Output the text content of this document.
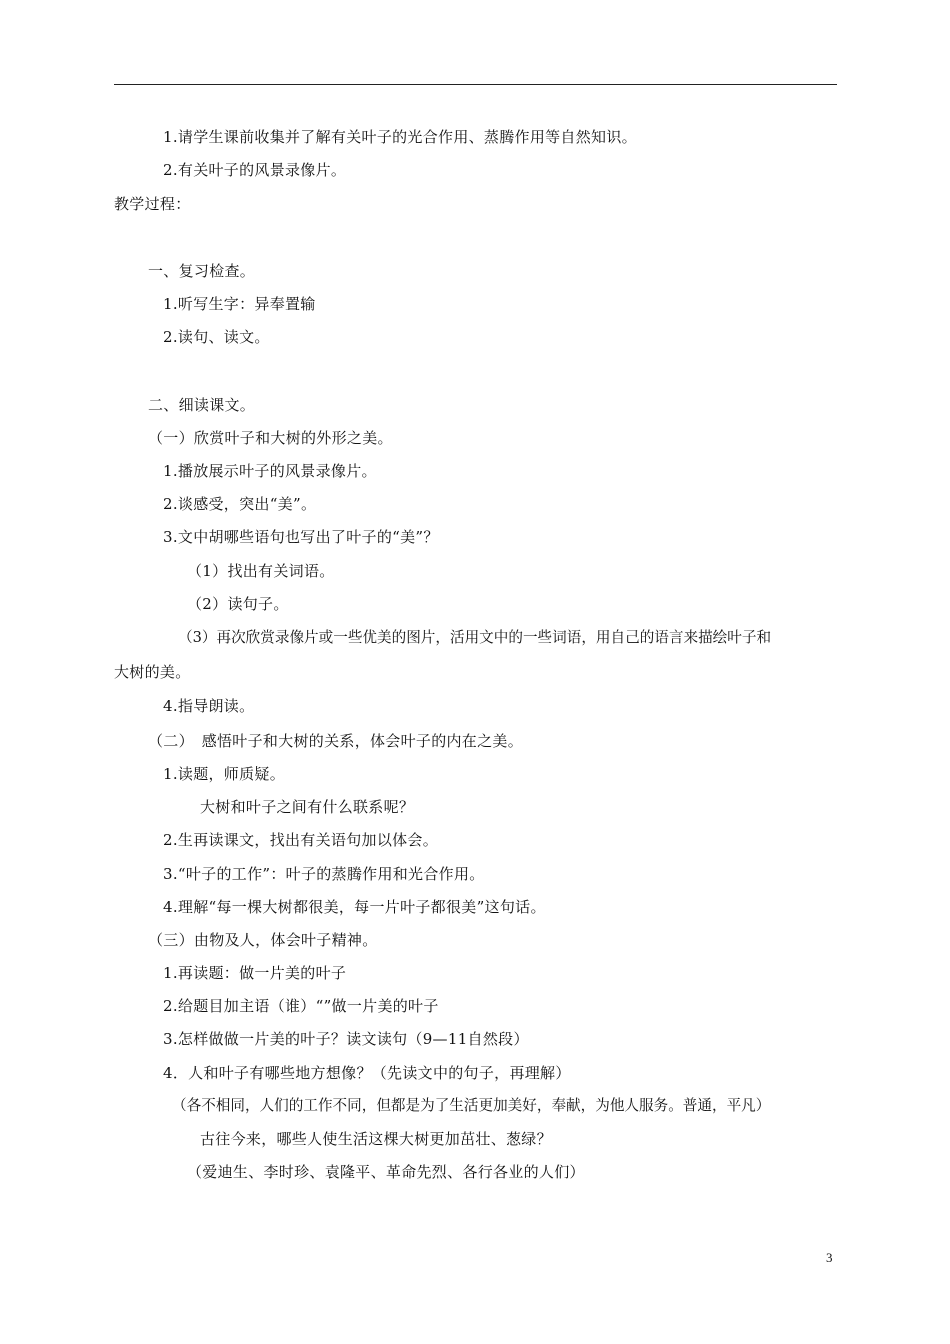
1.请学生课前收集并了解有关叶子的光合作用、蒸腾作用等自然知识。
2.有关叶子的风景录像片。
教学过程：
一、复习检查。
1.听写生字：异奉置输
2.读句、读文。
二、细读课文。
（一）欣赏叶子和大树的外形之美。
1.播放展示叶子的风景录像片。
2.谈感受，突出“美”。
3.文中胡哪些语句也写出了叶子的“美”？
（1）找出有关词语。
（2）读句子。
（3）再次欣赏录像片或一些优美的图片，活用文中的一些词语，用自己的语言来描绘叶子和
大树的美。
4.指导朗读。
（二）　感悟叶子和大树的关系，体会叶子的内在之美。
1.读题，师质疑。
大树和叶子之间有什么联系呢？
2.生再读课文，找出有关语句加以体会。
3.“叶子的工作”：叶子的蒸腾作用和光合作用。
4.理解“每一棵大树都很美，每一片叶子都很美”这句话。
（三）由物及人，体会叶子精神。
1.再读题：做一片美的叶子
2.给题目加主语（谁）“”做一片美的叶子
3.怎样做做一片美的叶子？读文读句（9—11自然段）
4．人和叶子有哪些地方想像？（先读文中的句子，再理解）
（各不相同，人们的工作不同，但都是为了生活更加美好，奉献，为他人服务。普通，平凡）
古往今来，哪些人使生活这棵大树更加茁壮、葱绿？
（爱迪生、李时珍、袁隆平、革命先烈、各行各业的人们）
3
